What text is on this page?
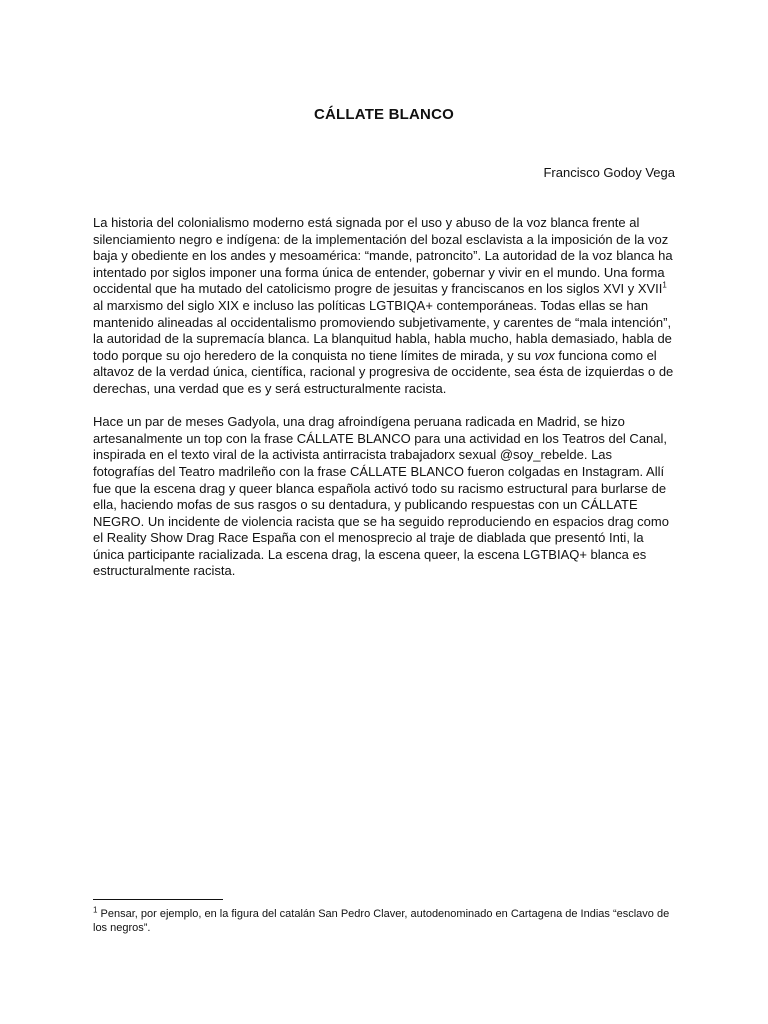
CÁLLATE BLANCO
Francisco Godoy Vega

La historia del colonialismo moderno está signada por el uso y abuso de la voz blanca frente al silenciamiento negro e indígena: de la implementación del bozal esclavista a la imposición de la voz baja y obediente en los andes y mesoamérica: “mande, patroncito”. La autoridad de la voz blanca ha intentado por siglos imponer una forma única de entender, gobernar y vivir en el mundo. Una forma occidental que ha mutado del catolicismo progre de jesuitas y franciscanos en los siglos XVI y XVII$^1$ al marxismo del siglo XIX e incluso las políticas LGTBIQA+ contemporáneas. Todas ellas se han mantenido alineadas al occidentalismo promoviendo subjetivamente, y carentes de “mala intención”, la autoridad de la supremacía blanca. La blanquitud habla, habla mucho, habla demasiado, habla de todo porque su ojo heredero de la conquista no tiene límites de mirada, y su vox funciona como el altavoz de la verdad única, científica, racional y progresiva de occidente, sea ésta de izquierdas o de derechas, una verdad que es y será estructuralmente racista.

Hace un par de meses Gadyola, una drag afroindígena peruana radicada en Madrid, se hizo artesanalmente un top con la frase CÁLLATE BLANCO para una actividad en los Teatros del Canal, inspirada en el texto viral de la activista antirracista trabajadorx sexual @soy_rebelde. Las fotografías del Teatro madrileño con la frase CÁLLATE BLANCO fueron colgadas en Instagram. Allí fue que la escena drag y queer blanca española activó todo su racismo estructural para burlarse de ella, haciendo mofas de sus rasgos o su dentadura, y publicando respuestas con un CÁLLATE NEGRO. Un incidente de violencia racista que se ha seguido reproduciendo en espacios drag como el Reality Show Drag Race España con el menosprecio al traje de diablada que presentó Inti, la única participante racializada. La escena drag, la escena queer, la escena LGTBIAQ+ blanca es estructuralmente racista.

$^1$ Pensar, por ejemplo, en la figura del catalán San Pedro Claver, autodenominado en Cartagena de Indias “esclavo de los negros”.
